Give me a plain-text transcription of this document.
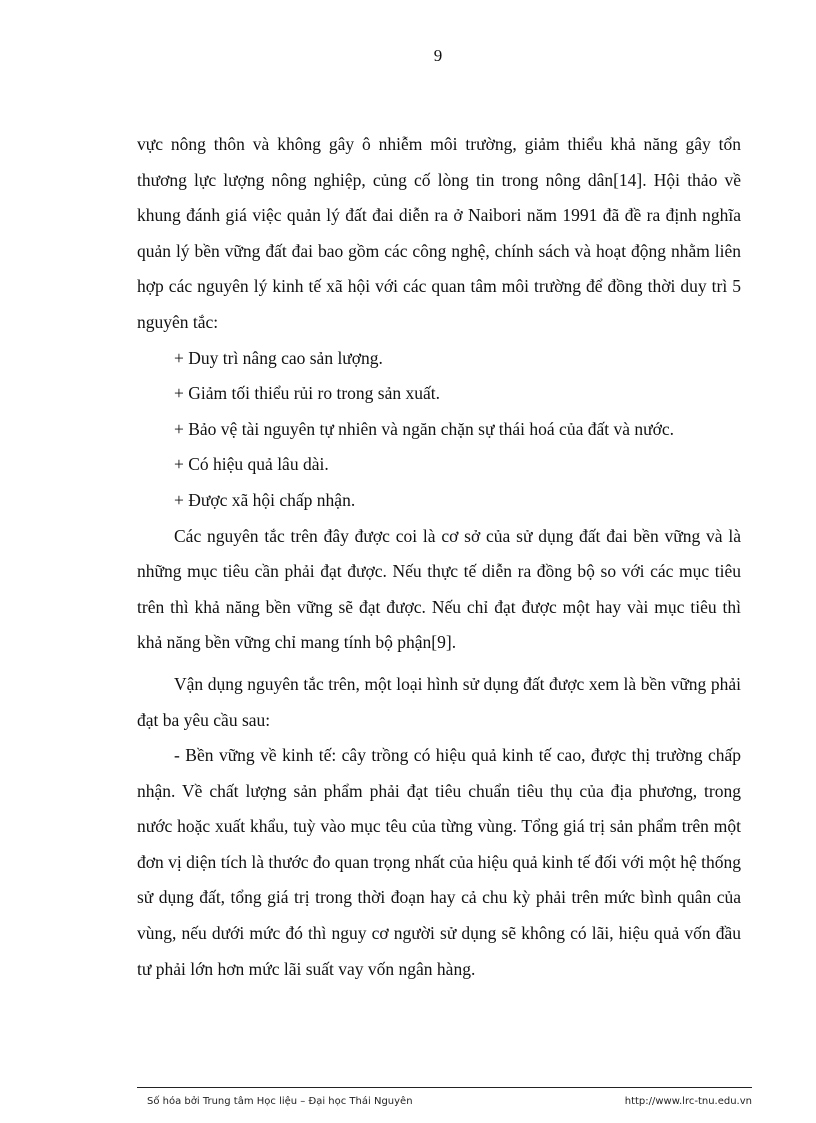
9

vực nông thôn và không gây ô nhiễm môi trường, giảm thiểu khả năng gây tổn thương lực lượng nông nghiệp, củng cố lòng tin trong nông dân[14]. Hội thảo về khung đánh giá việc quản lý đất đai diễn ra ở Naibori năm 1991 đã đề ra định nghĩa quản lý bền vững đất đai bao gồm các công nghệ, chính sách và hoạt động nhằm liên hợp các nguyên lý kinh tế xã hội với các quan tâm môi trường để đồng thời duy trì 5 nguyên tắc:

+ Duy trì nâng cao sản lượng.

+ Giảm tối thiểu rủi ro trong sản xuất.

+ Bảo vệ tài nguyên tự nhiên và ngăn chặn sự thái hoá của đất và nước.

+ Có hiệu quả lâu dài.

+ Được xã hội chấp nhận.

Các nguyên tắc trên đây được coi là cơ sở của sử dụng đất đai bền vững và là những mục tiêu cần phải đạt được. Nếu thực tế diễn ra đồng bộ so với các mục tiêu trên thì khả năng bền vững sẽ đạt được. Nếu chỉ đạt được một hay vài mục tiêu thì khả năng bền vững chỉ mang tính bộ phận[9].

Vận dụng nguyên tắc trên, một loại hình sử dụng đất được xem là bền vững phải đạt ba yêu cầu sau:

- Bền vững về kinh tế: cây trồng có hiệu quả kinh tế cao, được thị trường chấp nhận. Về chất lượng sản phẩm phải đạt tiêu chuẩn tiêu thụ của địa phương, trong nước hoặc xuất khẩu, tuỳ vào mục têu của từng vùng. Tổng giá trị sản phẩm trên một đơn vị diện tích là thước đo quan trọng nhất của hiệu quả kinh tế đối với một hệ thống sử dụng đất, tổng giá trị trong thời đoạn hay cả chu kỳ phải trên mức bình quân của vùng, nếu dưới mức đó thì nguy cơ người sử dụng sẽ không có lãi, hiệu quả vốn đầu tư phải lớn hơn mức lãi suất vay vốn ngân hàng.

Số hóa bởi Trung tâm Học liệu – Đại học Thái Nguyên	http://www.lrc-tnu.edu.vn
